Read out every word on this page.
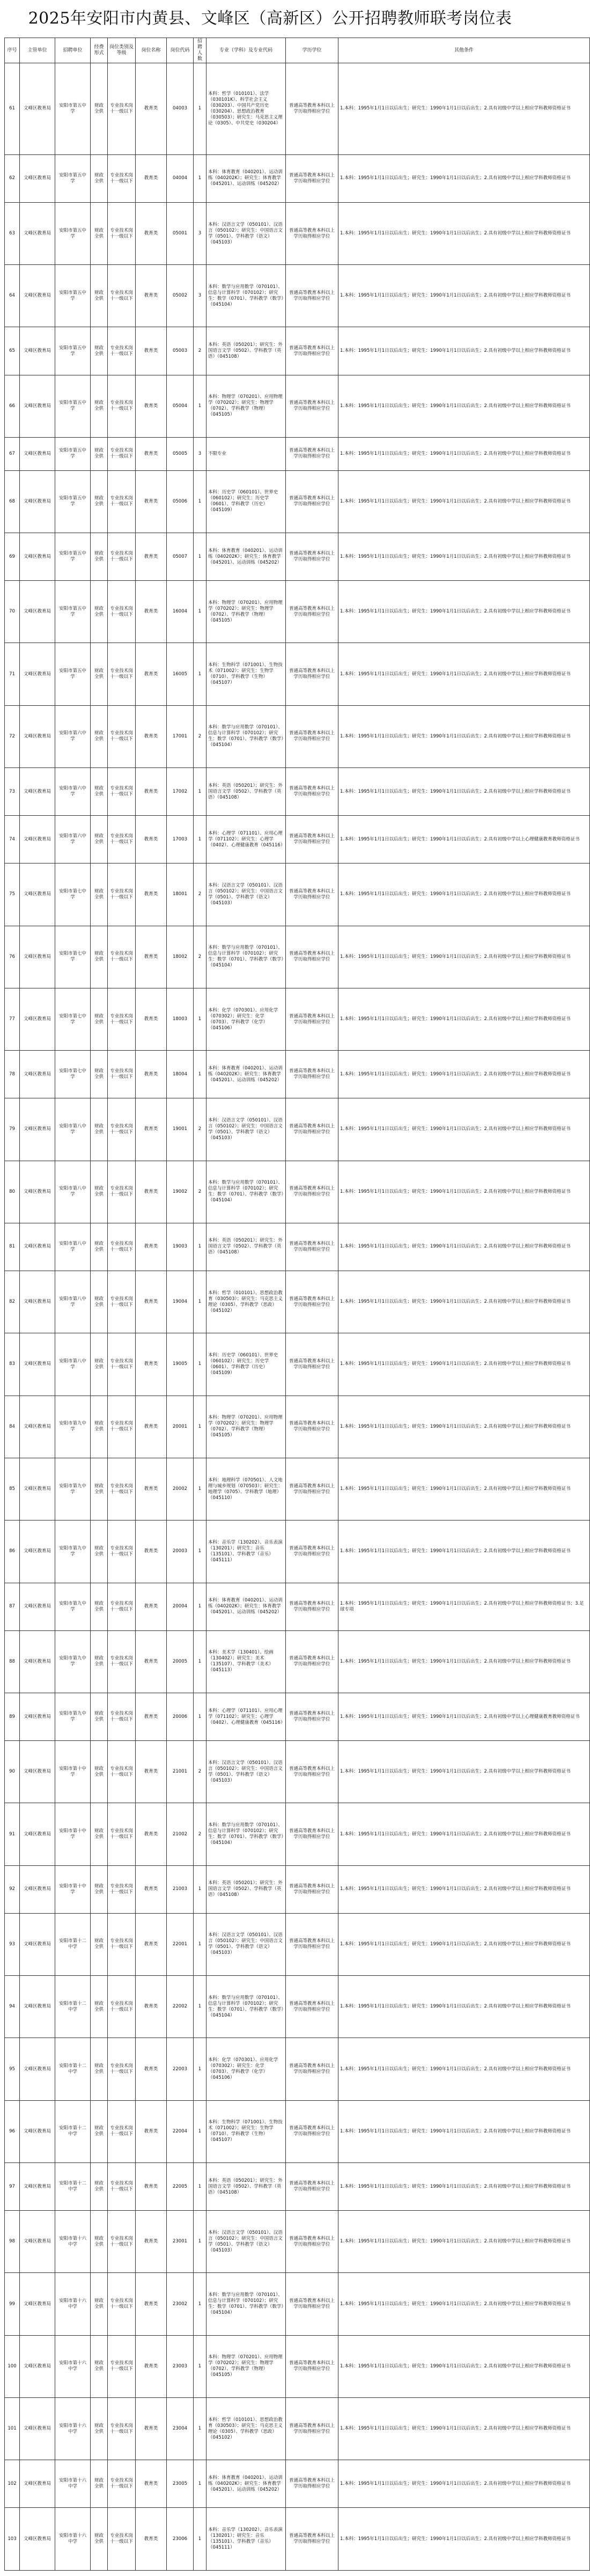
2025年安阳市内黄县、文峰区（高新区）公开招聘教师联考岗位表
序号	主管单位	招聘单位	经费形式	岗位类别及等级	岗位名称	岗位代码	招聘人数	专业（学科）及专业代码	学历学位	其他条件
61	文峰区教育局	安阳市第五中学	财政全供	专业技术岗十一级以下	教育类	04003	1	本科：哲学（010101）、法学（030101K）、科学社会主义（030203）、中国共产党历史（030204）、思想政治教育（030503）；研究生：马克思主义理论（0305）、中共党史（030204）	普通高等教育本科以上学历取得相应学位	1.本科：1995年1月1日以后出生；研究生：1990年1月1日以后出生；2.具有初级中学以上相应学科教师资格证书
62	文峰区教育局	安阳市第五中学	财政全供	专业技术岗十一级以下	教育类	04004	1	本科：体育教育（040201）、运动训练（040202K）；研究生：体育教学（045201）、运动训练（045202）	普通高等教育本科以上学历取得相应学位	1.本科：1995年1月1日以后出生；研究生：1990年1月1日以后出生；2.具有初级中学以上相应学科教师资格证书
63	文峰区教育局	安阳市第五中学	财政全供	专业技术岗十一级以下	教育类	05001	3	本科：汉语言文学（050101）、汉语言（050102）；研究生：中国语言文学（0501）、学科教学（语文）（045103）	普通高等教育本科以上学历取得相应学位	1.本科：1995年1月1日以后出生；研究生：1990年1月1日以后出生；2.具有初级中学以上相应学科教师资格证书
64	文峰区教育局	安阳市第五中学	财政全供	专业技术岗十一级以下	教育类	05002	3	本科：数学与应用数学（070101）、信息与计算科学（070102）；研究生：数学（0701）、学科教学（数学）（045104）	普通高等教育本科以上学历取得相应学位	1.本科：1995年1月1日以后出生；研究生：1990年1月1日以后出生；2.具有初级中学以上相应学科教师资格证书
65	文峰区教育局	安阳市第五中学	财政全供	专业技术岗十一级以下	教育类	05003	2	本科：英语（050201）；研究生：外国语言文学（0502）、学科教学（英语）（045108）	普通高等教育本科以上学历取得相应学位	1.本科：1995年1月1日以后出生；研究生：1990年1月1日以后出生；2.具有初级中学以上相应学科教师资格证书
66	文峰区教育局	安阳市第五中学	财政全供	专业技术岗十一级以下	教育类	05004	1	本科：物理学（070201）、应用物理学（070202）；研究生：物理学（0702）、学科教学（物理）（045105）	普通高等教育本科以上学历取得相应学位	1.本科：1995年1月1日以后出生；研究生：1990年1月1日以后出生；2.具有初级中学以上相应学科教师资格证书
67	文峰区教育局	安阳市第五中学	财政全供	专业技术岗十一级以下	教育类	05005	3	不限专业	普通高等教育本科以上学历取得相应学位	1.本科：1995年1月1日以后出生；研究生：1990年1月1日以后出生；2.具有初级中学以上相应学科教师资格证书
68	文峰区教育局	安阳市第五中学	财政全供	专业技术岗十一级以下	教育类	05006	1	本科：历史学（060101）、世界史（060102）；研究生：历史学（0601）、学科教学（历史）（045109）	普通高等教育本科以上学历取得相应学位	1.本科：1995年1月1日以后出生；研究生：1990年1月1日以后出生；2.具有初级中学以上相应学科教师资格证书
69	文峰区教育局	安阳市第五中学	财政全供	专业技术岗十一级以下	教育类	05007	1	本科：体育教育（040201）、运动训练（040202K）；研究生：体育教学（045201）、运动训练（045202）	普通高等教育本科以上学历取得相应学位	1.本科：1995年1月1日以后出生；研究生：1990年1月1日以后出生；2.具有初级中学以上相应学科教师资格证书
70	文峰区教育局	安阳市第五中学	财政全供	专业技术岗十一级以下	教育类	16004	1	本科：物理学（070201）、应用物理学（070202）；研究生：物理学（0702）、学科教学（物理）（045105）	普通高等教育本科以上学历取得相应学位	1.本科：1995年1月1日以后出生；研究生：1990年1月1日以后出生；2.具有初级中学以上相应学科教师资格证书
71	文峰区教育局	安阳市第五中学	财政全供	专业技术岗十一级以下	教育类	16005	1	本科：生物科学（071001）、生物技术（071002）；研究生：生物学（0710）、学科教学（生物）（045107）	普通高等教育本科以上学历取得相应学位	1.本科：1995年1月1日以后出生；研究生：1990年1月1日以后出生；2.具有初级中学以上相应学科教师资格证书
72	文峰区教育局	安阳市第六中学	财政全供	专业技术岗十一级以下	教育类	17001	2	本科：数学与应用数学（070101）、信息与计算科学（070102）；研究生：数学（0701）、学科教学（数学）（045104）	普通高等教育本科以上学历取得相应学位	1.本科：1995年1月1日以后出生；研究生：1990年1月1日以后出生；2.具有初级中学以上相应学科教师资格证书
73	文峰区教育局	安阳市第六中学	财政全供	专业技术岗十一级以下	教育类	17002	1	本科：英语（050201）；研究生：外国语言文学（0502）、学科教学（英语）（045108）	普通高等教育本科以上学历取得相应学位	1.本科：1995年1月1日以后出生；研究生：1990年1月1日以后出生；2.具有初级中学以上相应学科教师资格证书
74	文峰区教育局	安阳市第六中学	财政全供	专业技术岗十一级以下	教育类	17003	1	本科：心理学（071101）、应用心理学（071102）；研究生：心理学（0402）、心理健康教育（045116）	普通高等教育本科以上学历取得相应学位	1.本科：1995年1月1日以后出生；研究生：1990年1月1日以后出生；2.具有初级中学以上心理健康教育教师资格证书
75	文峰区教育局	安阳市第七中学	财政全供	专业技术岗十一级以下	教育类	18001	2	本科：汉语言文学（050101）、汉语言（050102）；研究生：中国语言文学（0501）、学科教学（语文）（045103）	普通高等教育本科以上学历取得相应学位	1.本科：1995年1月1日以后出生；研究生：1990年1月1日以后出生；2.具有初级中学以上相应学科教师资格证书
76	文峰区教育局	安阳市第七中学	财政全供	专业技术岗十一级以下	教育类	18002	2	本科：数学与应用数学（070101）、信息与计算科学（070102）；研究生：数学（0701）、学科教学（数学）（045104）	普通高等教育本科以上学历取得相应学位	1.本科：1995年1月1日以后出生；研究生：1990年1月1日以后出生；2.具有初级中学以上相应学科教师资格证书
77	文峰区教育局	安阳市第七中学	财政全供	专业技术岗十一级以下	教育类	18003	1	本科：化学（070301）、应用化学（070302）；研究生：化学（0703）、学科教学（化学）（045106）	普通高等教育本科以上学历取得相应学位	1.本科：1995年1月1日以后出生；研究生：1990年1月1日以后出生；2.具有初级中学以上相应学科教师资格证书
78	文峰区教育局	安阳市第七中学	财政全供	专业技术岗十一级以下	教育类	18004	1	本科：体育教育（040201）、运动训练（040202K）；研究生：体育教学（045201）、运动训练（045202）	普通高等教育本科以上学历取得相应学位	1.本科：1995年1月1日以后出生；研究生：1990年1月1日以后出生；2.具有初级中学以上相应学科教师资格证书
79	文峰区教育局	安阳市第八中学	财政全供	专业技术岗十一级以下	教育类	19001	2	本科：汉语言文学（050101）、汉语言（050102）；研究生：中国语言文学（0501）、学科教学（语文）（045103）	普通高等教育本科以上学历取得相应学位	1.本科：1995年1月1日以后出生；研究生：1990年1月1日以后出生；2.具有初级中学以上相应学科教师资格证书
80	文峰区教育局	安阳市第八中学	财政全供	专业技术岗十一级以下	教育类	19002	2	本科：数学与应用数学（070101）、信息与计算科学（070102）；研究生：数学（0701）、学科教学（数学）（045104）	普通高等教育本科以上学历取得相应学位	1.本科：1995年1月1日以后出生；研究生：1990年1月1日以后出生；2.具有初级中学以上相应学科教师资格证书
81	文峰区教育局	安阳市第八中学	财政全供	专业技术岗十一级以下	教育类	19003	1	本科：英语（050201）；研究生：外国语言文学（0502）、学科教学（英语）（045108）	普通高等教育本科以上学历取得相应学位	1.本科：1995年1月1日以后出生；研究生：1990年1月1日以后出生；2.具有初级中学以上相应学科教师资格证书
82	文峰区教育局	安阳市第八中学	财政全供	专业技术岗十一级以下	教育类	19004	1	本科：哲学（010101）、思想政治教育（030503）；研究生：马克思主义理论（0305）、学科教学（思政）（045102）	普通高等教育本科以上学历取得相应学位	1.本科：1995年1月1日以后出生；研究生：1990年1月1日以后出生；2.具有初级中学以上相应学科教师资格证书
83	文峰区教育局	安阳市第八中学	财政全供	专业技术岗十一级以下	教育类	19005	1	本科：历史学（060101）、世界史（060102）；研究生：历史学（0601）、学科教学（历史）（045109）	普通高等教育本科以上学历取得相应学位	1.本科：1995年1月1日以后出生；研究生：1990年1月1日以后出生；2.具有初级中学以上相应学科教师资格证书
84	文峰区教育局	安阳市第九中学	财政全供	专业技术岗十一级以下	教育类	20001	1	本科：物理学（070201）、应用物理学（070202）；研究生：物理学（0702）、学科教学（物理）（045105）	普通高等教育本科以上学历取得相应学位	1.本科：1995年1月1日以后出生；研究生：1990年1月1日以后出生；2.具有初级中学以上相应学科教师资格证书
85	文峰区教育局	安阳市第九中学	财政全供	专业技术岗十一级以下	教育类	20002	1	本科：地理科学（070501）、人文地理与城乡规划（070503）；研究生：地理学（0705）、学科教学（地理）（045110）	普通高等教育本科以上学历取得相应学位	1.本科：1995年1月1日以后出生；研究生：1990年1月1日以后出生；2.具有初级中学以上相应学科教师资格证书
86	文峰区教育局	安阳市第九中学	财政全供	专业技术岗十一级以下	教育类	20003	1	本科：音乐学（130202）、音乐表演（130201）；研究生：音乐（135101）、学科教学（音乐）（045111）	普通高等教育本科以上学历取得相应学位	1.本科：1995年1月1日以后出生；研究生：1990年1月1日以后出生；2.具有初级中学以上相应学科教师资格证书
87	文峰区教育局	安阳市第九中学	财政全供	专业技术岗十一级以下	教育类	20004	1	本科：体育教育（040201）、运动训练（040202K）；研究生：体育教学（045201）、运动训练（045202）	普通高等教育本科以上学历取得相应学位	1.本科：1995年1月1日以后出生；研究生：1990年1月1日以后出生；2.具有初级中学以上相应学科教师资格证书；3.足球专项
88	文峰区教育局	安阳市第九中学	财政全供	专业技术岗十一级以下	教育类	20005	1	本科：美术学（130401）、绘画（130402）；研究生：美术（135107）、学科教学（美术）（045113）	普通高等教育本科以上学历取得相应学位	1.本科：1995年1月1日以后出生；研究生：1990年1月1日以后出生；2.具有初级中学以上相应学科教师资格证书
89	文峰区教育局	安阳市第九中学	财政全供	专业技术岗十一级以下	教育类	20006	1	本科：心理学（071101）、应用心理学（071102）；研究生：心理学（0402）、心理健康教育（045116）	普通高等教育本科以上学历取得相应学位	1.本科：1995年1月1日以后出生；研究生：1990年1月1日以后出生；2.具有初级中学以上心理健康教育教师资格证书
90	文峰区教育局	安阳市第十中学	财政全供	专业技术岗十一级以下	教育类	21001	2	本科：汉语言文学（050101）、汉语言（050102）；研究生：中国语言文学（0501）、学科教学（语文）（045103）	普通高等教育本科以上学历取得相应学位	1.本科：1995年1月1日以后出生；研究生：1990年1月1日以后出生；2.具有初级中学以上相应学科教师资格证书
91	文峰区教育局	安阳市第十中学	财政全供	专业技术岗十一级以下	教育类	21002	2	本科：数学与应用数学（070101）、信息与计算科学（070102）；研究生：数学（0701）、学科教学（数学）（045104）	普通高等教育本科以上学历取得相应学位	1.本科：1995年1月1日以后出生；研究生：1990年1月1日以后出生；2.具有初级中学以上相应学科教师资格证书
92	文峰区教育局	安阳市第十中学	财政全供	专业技术岗十一级以下	教育类	21003	1	本科：英语（050201）；研究生：外国语言文学（0502）、学科教学（英语）（045108）	普通高等教育本科以上学历取得相应学位	1.本科：1995年1月1日以后出生；研究生：1990年1月1日以后出生；2.具有初级中学以上相应学科教师资格证书
93	文峰区教育局	安阳市第十二中学	财政全供	专业技术岗十一级以下	教育类	22001	1	本科：汉语言文学（050101）、汉语言（050102）；研究生：中国语言文学（0501）、学科教学（语文）（045103）	普通高等教育本科以上学历取得相应学位	1.本科：1995年1月1日以后出生；研究生：1990年1月1日以后出生；2.具有初级中学以上相应学科教师资格证书
94	文峰区教育局	安阳市第十二中学	财政全供	专业技术岗十一级以下	教育类	22002	1	本科：数学与应用数学（070101）、信息与计算科学（070102）；研究生：数学（0701）、学科教学（数学）（045104）	普通高等教育本科以上学历取得相应学位	1.本科：1995年1月1日以后出生；研究生：1990年1月1日以后出生；2.具有初级中学以上相应学科教师资格证书
95	文峰区教育局	安阳市第十二中学	财政全供	专业技术岗十一级以下	教育类	22003	1	本科：化学（070301）、应用化学（070302）；研究生：化学（0703）、学科教学（化学）（045106）	普通高等教育本科以上学历取得相应学位	1.本科：1995年1月1日以后出生；研究生：1990年1月1日以后出生；2.具有初级中学以上相应学科教师资格证书
96	文峰区教育局	安阳市第十二中学	财政全供	专业技术岗十一级以下	教育类	22004	1	本科：生物科学（071001）、生物技术（071002）；研究生：生物学（0710）、学科教学（生物）（045107）	普通高等教育本科以上学历取得相应学位	1.本科：1995年1月1日以后出生；研究生：1990年1月1日以后出生；2.具有初级中学以上相应学科教师资格证书
97	文峰区教育局	安阳市第十二中学	财政全供	专业技术岗十一级以下	教育类	22005	1	本科：英语（050201）；研究生：外国语言文学（0502）、学科教学（英语）（045108）	普通高等教育本科以上学历取得相应学位	1.本科：1995年1月1日以后出生；研究生：1990年1月1日以后出生；2.具有初级中学以上相应学科教师资格证书
98	文峰区教育局	安阳市第十六中学	财政全供	专业技术岗十一级以下	教育类	23001	1	本科：汉语言文学（050101）、汉语言（050102）；研究生：中国语言文学（0501）、学科教学（语文）（045103）	普通高等教育本科以上学历取得相应学位	1.本科：1995年1月1日以后出生；研究生：1990年1月1日以后出生；2.具有初级中学以上相应学科教师资格证书
99	文峰区教育局	安阳市第十六中学	财政全供	专业技术岗十一级以下	教育类	23002	1	本科：数学与应用数学（070101）、信息与计算科学（070102）；研究生：数学（0701）、学科教学（数学）（045104）	普通高等教育本科以上学历取得相应学位	1.本科：1995年1月1日以后出生；研究生：1990年1月1日以后出生；2.具有初级中学以上相应学科教师资格证书
100	文峰区教育局	安阳市第十六中学	财政全供	专业技术岗十一级以下	教育类	23003	1	本科：物理学（070201）、应用物理学（070202）；研究生：物理学（0702）、学科教学（物理）（045105）	普通高等教育本科以上学历取得相应学位	1.本科：1995年1月1日以后出生；研究生：1990年1月1日以后出生；2.具有初级中学以上相应学科教师资格证书
101	文峰区教育局	安阳市第十六中学	财政全供	专业技术岗十一级以下	教育类	23004	1	本科：哲学（010101）、思想政治教育（030503）；研究生：马克思主义理论（0305）、学科教学（思政）（045102）	普通高等教育本科以上学历取得相应学位	1.本科：1995年1月1日以后出生；研究生：1990年1月1日以后出生；2.具有初级中学以上相应学科教师资格证书
102	文峰区教育局	安阳市第十六中学	财政全供	专业技术岗十一级以下	教育类	23005	1	本科：体育教育（040201）、运动训练（040202K）；研究生：体育教学（045201）、运动训练（045202）	普通高等教育本科以上学历取得相应学位	1.本科：1995年1月1日以后出生；研究生：1990年1月1日以后出生；2.具有初级中学以上相应学科教师资格证书
103	文峰区教育局	安阳市第十六中学	财政全供	专业技术岗十一级以下	教育类	23006	1	本科：音乐学（130202）、音乐表演（130201）；研究生：音乐（135101）、学科教学（音乐）（045111）	普通高等教育本科以上学历取得相应学位	1.本科：1995年1月1日以后出生；研究生：1990年1月1日以后出生；2.具有初级中学以上相应学科教师资格证书
